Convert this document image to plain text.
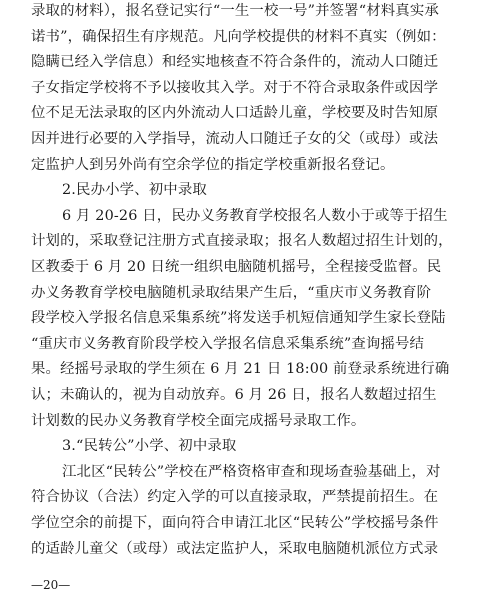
录取的材料），报名登记实行“一生一校一号”并签署“材料真实承
诺书”，确保招生有序规范。凡向学校提供的材料不真实（例如：
隐瞒已经入学信息）和经实地核查不符合条件的，流动人口随迁
子女指定学校将不予以接收其入学。对于不符合录取条件或因学
位不足无法录取的区内外流动人口适龄儿童，学校要及时告知原
因并进行必要的入学指导，流动人口随迁子女的父（或母）或法
定监护人到另外尚有空余学位的指定学校重新报名登记。
2.民办小学、初中录取
6 月 20-26 日，民办义务教育学校报名人数小于或等于招生
计划的，采取登记注册方式直接录取；报名人数超过招生计划的，
区教委于 6 月 20 日统一组织电脑随机摇号，全程接受监督。民
办义务教育学校电脑随机录取结果产生后，“重庆市义务教育阶
段学校入学报名信息采集系统”将发送手机短信通知学生家长登陆
“重庆市义务教育阶段学校入学报名信息采集系统”查询摇号结
果。经摇号录取的学生须在 6 月 21 日 18:00 前登录系统进行确
认；未确认的，视为自动放弃。6 月 26 日，报名人数超过招生
计划数的民办义务教育学校全面完成摇号录取工作。
3.“民转公”小学、初中录取
江北区“民转公”学校在严格资格审查和现场查验基础上，对
符合协议（合法）约定入学的可以直接录取，严禁提前招生。在
学位空余的前提下，面向符合申请江北区“民转公”学校摇号条件
的适龄儿童父（或母）或法定监护人，采取电脑随机派位方式录
—20—
